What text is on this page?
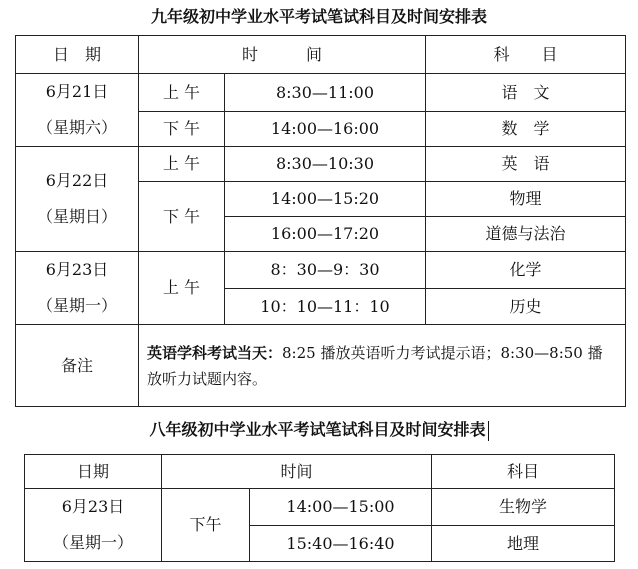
九年级初中学业水平考试笔试科目及时间安排表
日　期	时　　　间		科　　目

6月21日
（星期六）	上 午	8:30—11:00	语　文
	下 午	14:00—16:00	数　学

6月22日
（星期日）	上 午	8:30—10:30	英　语
	下 午	14:00—15:20	物理
		16:00—17:20	道德与法治

6月23日
（星期一）	上 午	8：30—9：30	化学
		10：10—11：10	历史
备注	英语学科考试当天：8:25 播放英语听力考试提示语；8:30—8:50 播放听力试题内容。		
八年级初中学业水平考试笔试科目及时间安排表
日期	时间		科目

6月23日
（星期一）	下午	14:00—15:00	生物学
		15:40—16:40	地理
